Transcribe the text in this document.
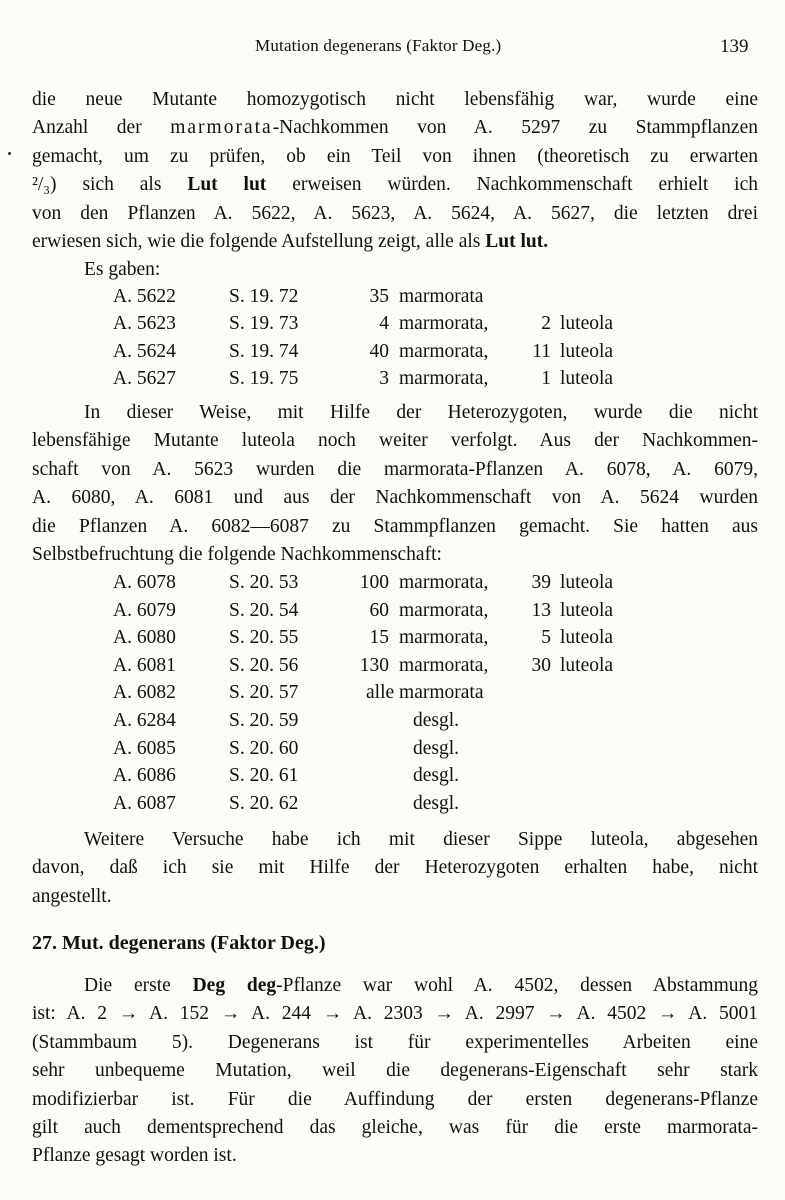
Mutation degenerans (Faktor Deg.)	139
die neue Mutante homozygotisch nicht lebensfähig war, wurde eine
Anzahl der marmorata-Nachkommen von A. 5297 zu Stammpflanzen
gemacht, um zu prüfen, ob ein Teil von ihnen (theoretisch zu erwarten
²/₃) sich als Lut lut erweisen würden. Nachkommenschaft erhielt ich
von den Pflanzen A. 5622, A. 5623, A. 5624, A. 5627, die letzten drei
erwiesen sich, wie die folgende Aufstellung zeigt, alle als Lut lut.
Es gaben:
A. 5622	S. 19. 72	35 marmorata
A. 5623	S. 19. 73	4 marmorata,	2 luteola
A. 5624	S. 19. 74	40 marmorata, 11 luteola
A. 5627	S. 19. 75	3 marmorata,	1 luteola
In dieser Weise, mit Hilfe der Heterozygoten, wurde die nicht
lebensfähige Mutante luteola noch weiter verfolgt. Aus der Nachkommen-
schaft von A. 5623 wurden die marmorata-Pflanzen A. 6078, A. 6079,
A. 6080, A. 6081 und aus der Nachkommenschaft von A. 5624 wurden
die Pflanzen A. 6082—6087 zu Stammpflanzen gemacht. Sie hatten aus
Selbstbefruchtung die folgende Nachkommenschaft:
A. 6078	S. 20. 53	100 marmorata, 39 luteola
A. 6079	S. 20. 54	60 marmorata, 13 luteola
A. 6080	S. 20. 55	15 marmorata,	5 luteola
A. 6081	S. 20. 56	130 marmorata, 30 luteola
A. 6082	S. 20. 57	alle marmorata
A. 6284	S. 20. 59	desgl.
A. 6085	S. 20. 60	desgl.
A. 6086	S. 20. 61	desgl.
A. 6087	S. 20. 62	desgl.
Weitere Versuche habe ich mit dieser Sippe luteola, abgesehen
davon, daß ich sie mit Hilfe der Heterozygoten erhalten habe, nicht
angestellt.
27. Mut. degenerans (Faktor Deg.)
Die erste Deg deg-Pflanze war wohl A. 4502, dessen Abstammung
ist: A. 2 → A. 152 → A. 244 → A. 2303 → A. 2997 → A. 4502 → A. 5001
(Stammbaum 5). Degenerans ist für experimentelles Arbeiten eine
sehr unbequeme Mutation, weil die degenerans-Eigenschaft sehr stark
modifizierbar ist. Für die Auffindung der ersten degenerans-Pflanze
gilt auch dementsprechend das gleiche, was für die erste marmorata-
Pflanze gesagt worden ist.
